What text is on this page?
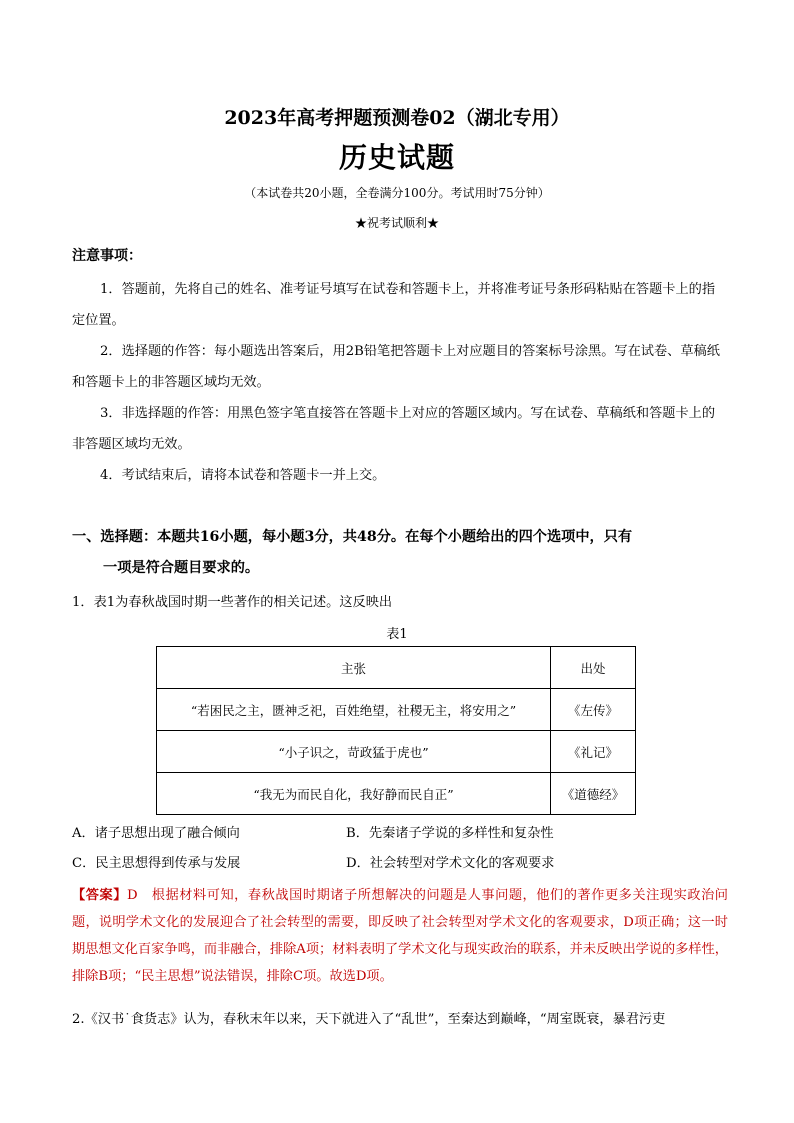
2023年高考押题预测卷02（湖北专用）
历史试题
（本试卷共20小题，全卷满分100分。考试用时75分钟）
★祝考试顺利★
注意事项：
1．答题前，先将自己的姓名、准考证号填写在试卷和答题卡上，并将准考证号条形码粘贴在答题卡上的指定位置。
2．选择题的作答：每小题选出答案后，用2B铅笔把答题卡上对应题目的答案标号涂黑。写在试卷、草稿纸和答题卡上的非答题区域均无效。
3．非选择题的作答：用黑色签字笔直接答在答题卡上对应的答题区域内。写在试卷、草稿纸和答题卡上的非答题区域均无效。
4．考试结束后，请将本试卷和答题卡一并上交。
一、选择题：本题共16小题，每小题3分，共48分。在每个小题给出的四个选项中，只有
一项是符合题目要求的。
1．表1为春秋战国时期一些著作的相关记述。这反映出
表1
主张	出处
“若困民之主，匮神乏祀，百姓绝望，社稷无主，将安用之”	《左传》
“小子识之，苛政猛于虎也”	《礼记》
“我无为而民自化，我好静而民自正”	《道德经》
A．诸子思想出现了融合倾向	B．先秦诸子学说的多样性和复杂性
C．民主思想得到传承与发展	D．社会转型对学术文化的客观要求
【答案】D　根据材料可知，春秋战国时期诸子所想解决的问题是人事问题，他们的著作更多关注现实政治问题，说明学术文化的发展迎合了社会转型的需要，即反映了社会转型对学术文化的客观要求，D项正确；这一时期思想文化百家争鸣，而非融合，排除A项；材料表明了学术文化与现实政治的联系，并未反映出学说的多样性，排除B项；“民主思想”说法错误，排除C项。故选D项。
2.《汉书˙食货志》认为，春秋末年以来，天下就进入了“乱世”，至秦达到巅峰，“周室既衰，暴君污吏
